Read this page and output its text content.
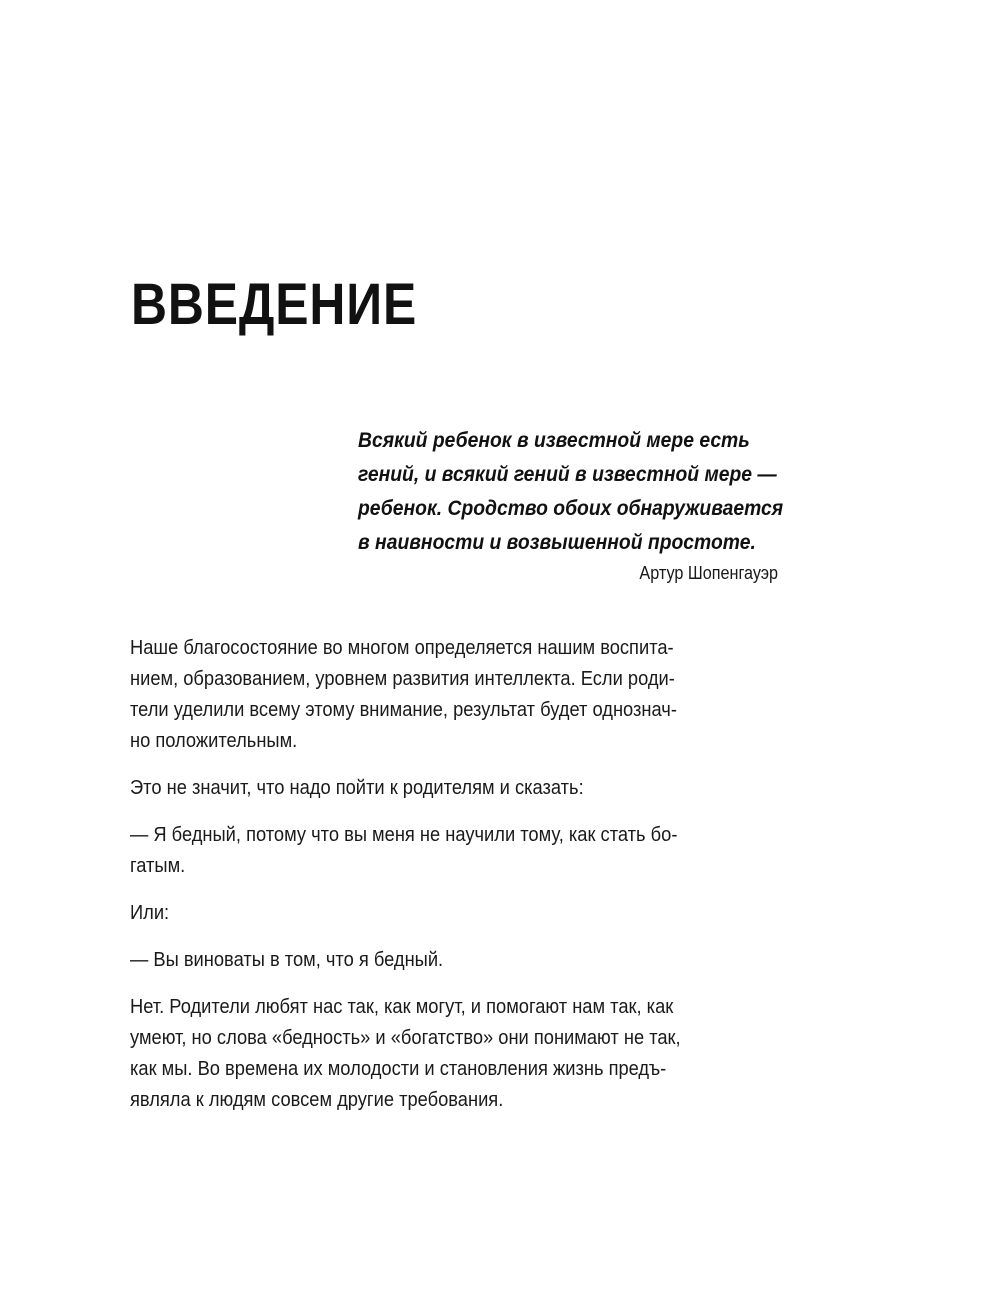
ВВЕДЕНИЕ
Всякий ребенок в известной мере есть
гений, и всякий гений в известной мере —
ребенок. Сродство обоих обнаруживается
в наивности и возвышенной простоте.
Артур Шопенгауэр

Наше благосостояние во многом определяется нашим воспита-
нием, образованием, уровнем развития интеллекта. Если роди-
тели уделили всему этому внимание, результат будет однознач-
но положительным.

Это не значит, что надо пойти к родителям и сказать:

— Я бедный, потому что вы меня не научили тому, как стать бо-
гатым.

Или:

— Вы виноваты в том, что я бедный.

Нет. Родители любят нас так, как могут, и помогают нам так, как
умеют, но слова «бедность» и «богатство» они понимают не так,
как мы. Во времена их молодости и становления жизнь предъ-
являла к людям совсем другие требования.
